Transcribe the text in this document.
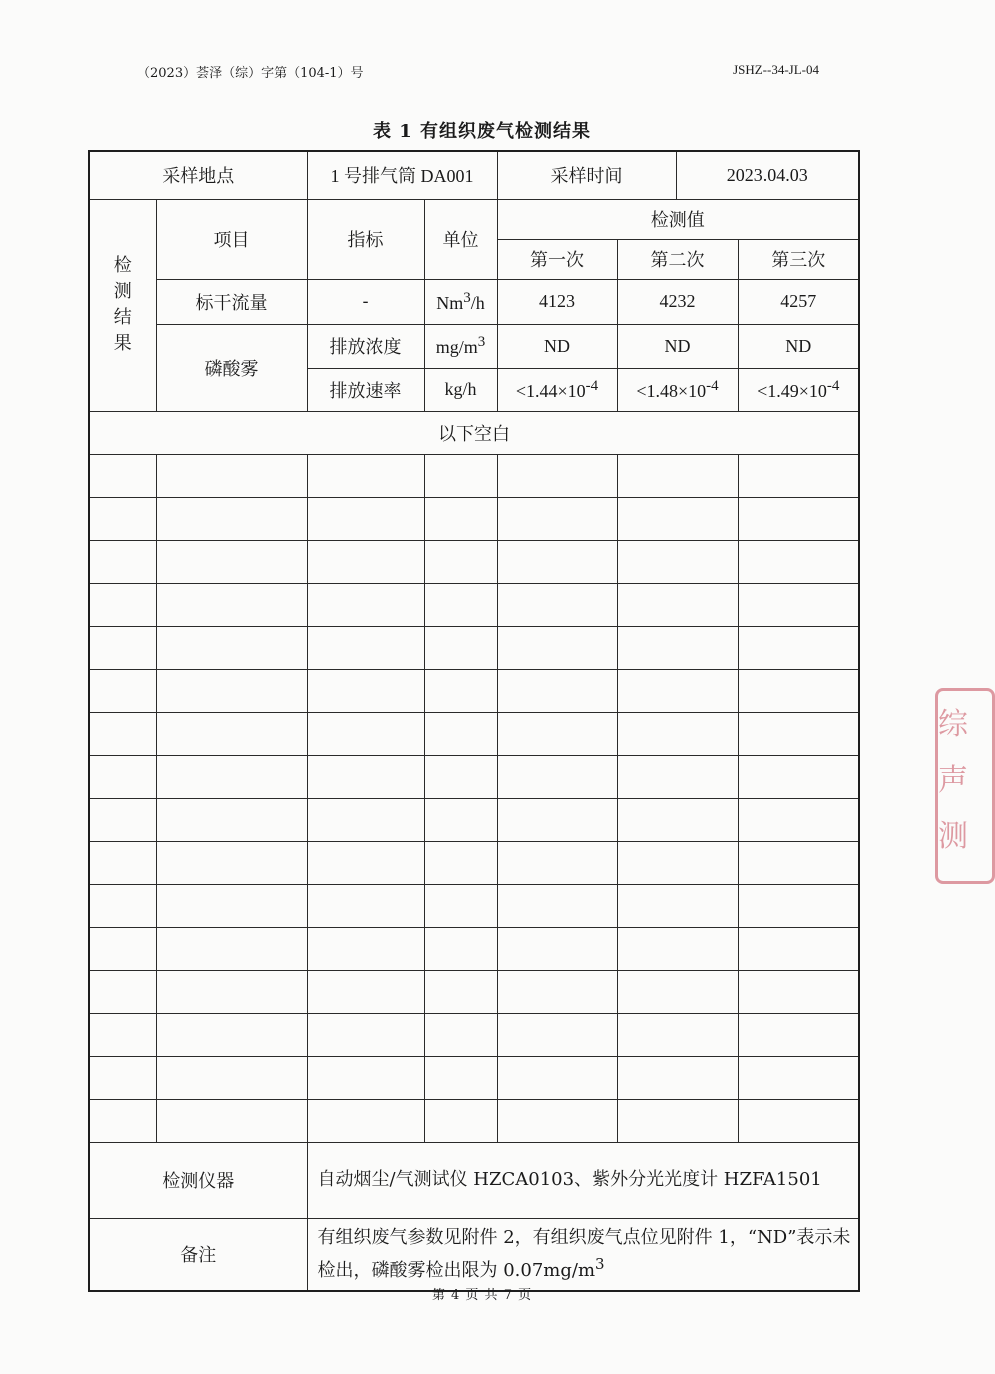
（2023）荟泽（综）字第（104-1）号	JSHZ--34-JL-04
表 1 有组织废气检测结果
采样地点		1 号排气筒 DA001		采样时间		2023.04.03	

检
测
结
果	项目	指标	单位	检测值			
				第一次	第二次		第三次
	标干流量	-	Nm$^3$/h	4123	4232		4257
	磷酸雾	排放浓度	$mg/m^3$	ND	ND		ND
		排放速率	kg/h	$<1.44\times 10^{-4}$	$<1.48\times 10^{-4}$		$<1.49\times 10^{-4}$
以下空白							

检测仪器		自动烟尘/气测试仪 HZCA0103、紫外分光光度计 HZFA1501					
备注		有组织废气参数见附件 2，有组织废气点位见附件 1，“ND”表示未检出，磷酸雾检出限为 $0.07mg/m^3$
第 4 页 共 7 页
综
声
测
